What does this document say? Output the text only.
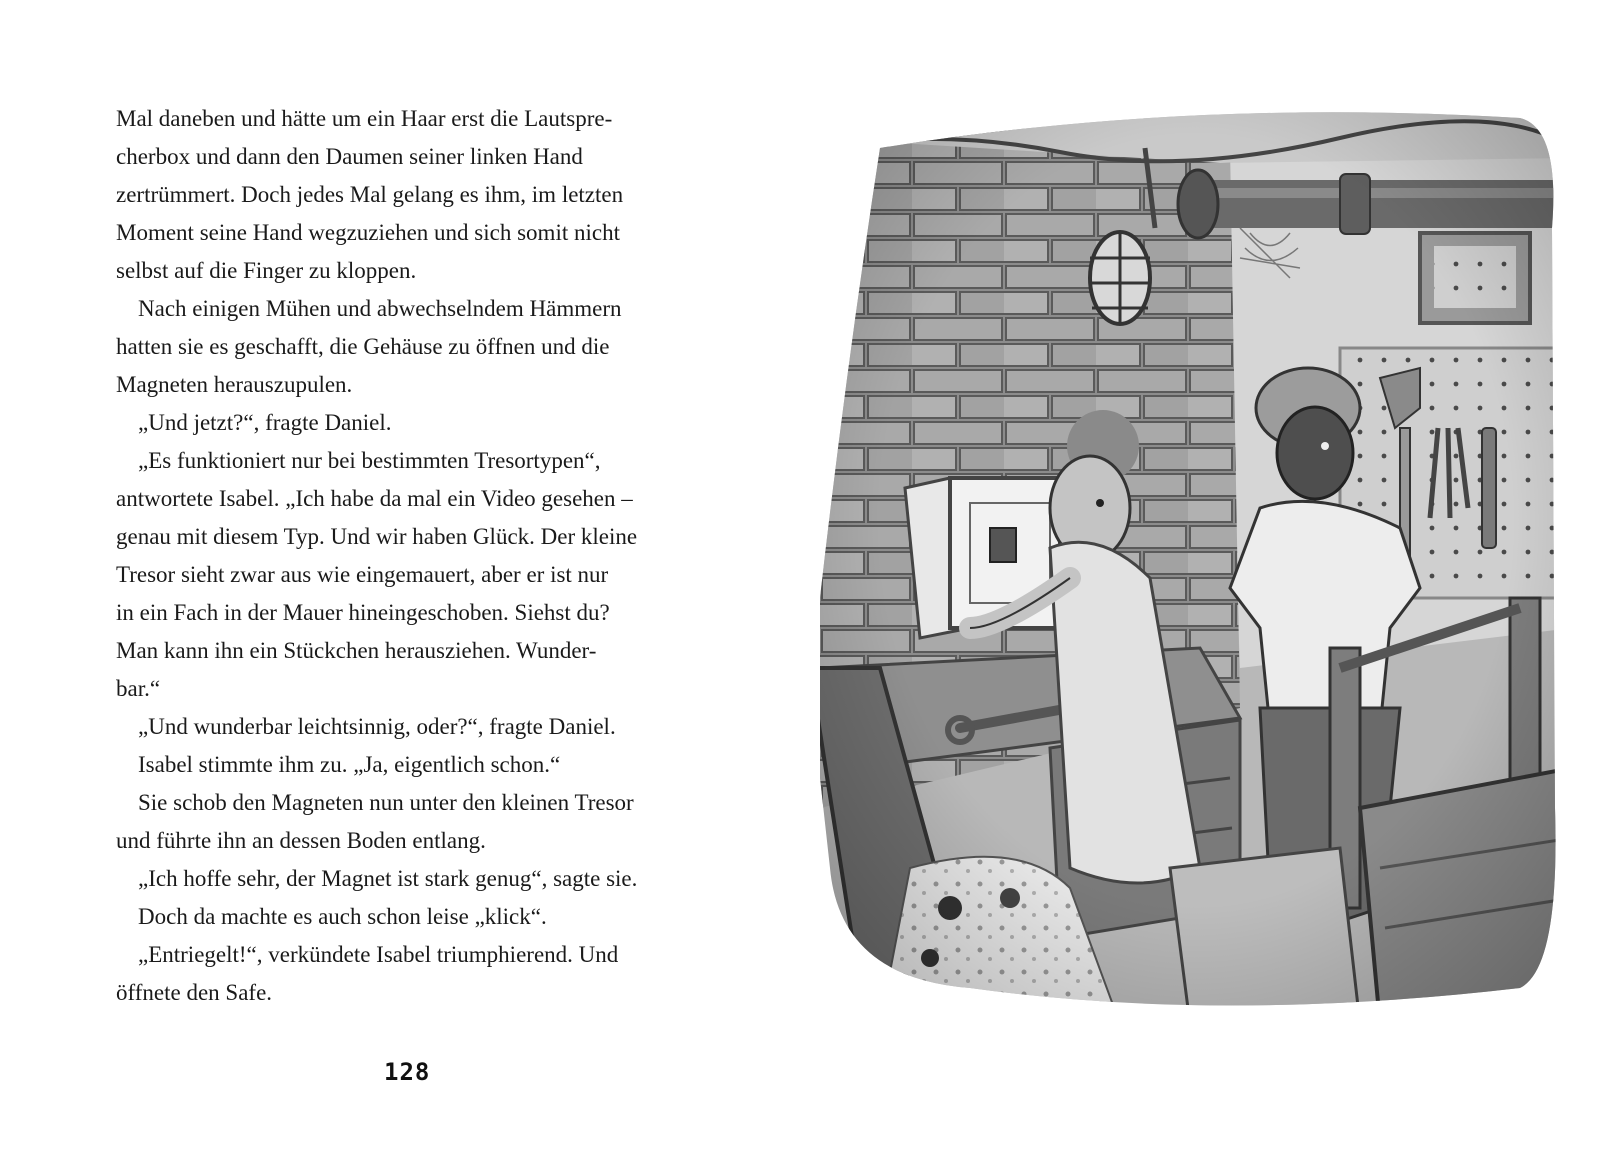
Mal daneben und hätte um ein Haar erst die Lautspre-
cherbox und dann den Daumen seiner linken Hand
zertrümmert. Doch jedes Mal gelang es ihm, im letzten
Moment seine Hand wegzuziehen und sich somit nicht
selbst auf die Finger zu kloppen.
Nach einigen Mühen und abwechselndem Hämmern
hatten sie es geschafft, die Gehäuse zu öffnen und die
Magneten herauszupulen.
„Und jetzt?“, fragte Daniel.
„Es funktioniert nur bei bestimmten Tresortypen“,
antwortete Isabel. „Ich habe da mal ein Video gesehen –
genau mit diesem Typ. Und wir haben Glück. Der kleine
Tresor sieht zwar aus wie eingemauert, aber er ist nur
in ein Fach in der Mauer hineingeschoben. Siehst du?
Man kann ihn ein Stückchen herausziehen. Wunder-
bar.“
„Und wunderbar leichtsinnig, oder?“, fragte Daniel.
Isabel stimmte ihm zu. „Ja, eigentlich schon.“
Sie schob den Magneten nun unter den kleinen Tresor
und führte ihn an dessen Boden entlang.
„Ich hoffe sehr, der Magnet ist stark genug“, sagte sie.
Doch da machte es auch schon leise „klick“.
„Entriegelt!“, verkündete Isabel triumphierend. Und
öffnete den Safe.
128
